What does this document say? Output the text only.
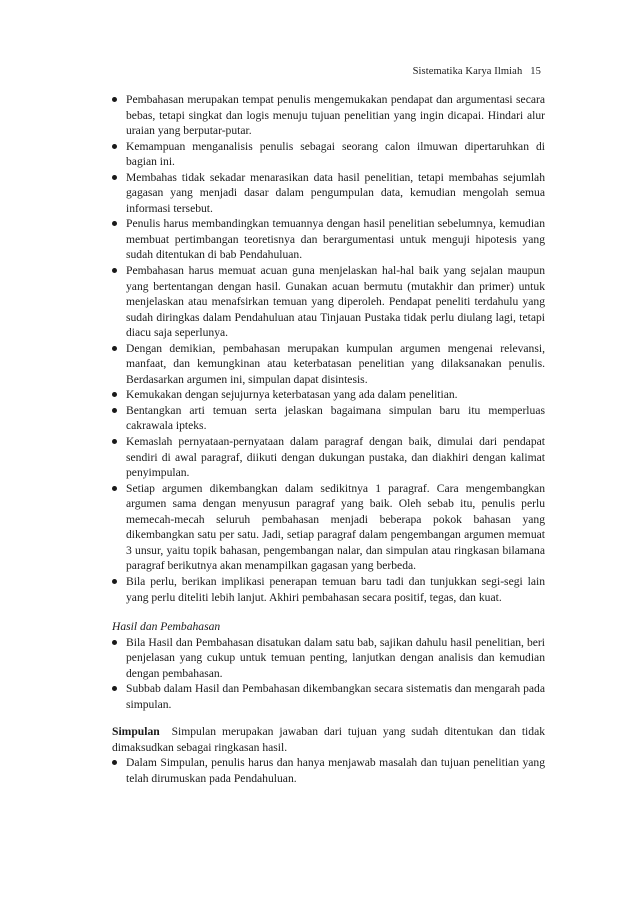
Sistematika Karya Ilmiah 15
Pembahasan merupakan tempat penulis mengemukakan pendapat dan argumentasi secara bebas, tetapi singkat dan logis menuju tujuan penelitian yang ingin dicapai. Hindari alur uraian yang berputar-putar.
Kemampuan menganalisis penulis sebagai seorang calon ilmuwan dipertaruhkan di bagian ini.
Membahas tidak sekadar menarasikan data hasil penelitian, tetapi membahas sejumlah gagasan yang menjadi dasar dalam pengumpulan data, kemudian mengolah semua informasi tersebut.
Penulis harus membandingkan temuannya dengan hasil penelitian sebelumnya, kemudian membuat pertimbangan teoretisnya dan berargumentasi untuk menguji hipotesis yang sudah ditentukan di bab Pendahuluan.
Pembahasan harus memuat acuan guna menjelaskan hal-hal baik yang sejalan maupun yang bertentangan dengan hasil. Gunakan acuan bermutu (mutakhir dan primer) untuk menjelaskan atau menafsirkan temuan yang diperoleh. Pendapat peneliti terdahulu yang sudah diringkas dalam Pendahuluan atau Tinjauan Pustaka tidak perlu diulang lagi, tetapi diacu saja seperlunya.
Dengan demikian, pembahasan merupakan kumpulan argumen mengenai relevansi, manfaat, dan kemungkinan atau keterbatasan penelitian yang dilaksanakan penulis. Berdasarkan argumen ini, simpulan dapat disintesis.
Kemukakan dengan sejujurnya keterbatasan yang ada dalam penelitian.
Bentangkan arti temuan serta jelaskan bagaimana simpulan baru itu memperluas cakrawala ipteks.
Kemaslah pernyataan-pernyataan dalam paragraf dengan baik, dimulai dari pendapat sendiri di awal paragraf, diikuti dengan dukungan pustaka, dan diakhiri dengan kalimat penyimpulan.
Setiap argumen dikembangkan dalam sedikitnya 1 paragraf. Cara mengembangkan argumen sama dengan menyusun paragraf yang baik. Oleh sebab itu, penulis perlu memecah-mecah seluruh pembahasan menjadi beberapa pokok bahasan yang dikembangkan satu per satu. Jadi, setiap paragraf dalam pengembangan argumen memuat 3 unsur, yaitu topik bahasan, pengembangan nalar, dan simpulan atau ringkasan bilamana paragraf berikutnya akan menampilkan gagasan yang berbeda.
Bila perlu, berikan implikasi penerapan temuan baru tadi dan tunjukkan segi-segi lain yang perlu diteliti lebih lanjut. Akhiri pembahasan secara positif, tegas, dan kuat.
Hasil dan Pembahasan
Bila Hasil dan Pembahasan disatukan dalam satu bab, sajikan dahulu hasil penelitian, beri penjelasan yang cukup untuk temuan penting, lanjutkan dengan analisis dan kemudian dengan pembahasan.
Subbab dalam Hasil dan Pembahasan dikembangkan secara sistematis dan mengarah pada simpulan.
Simpulan Simpulan merupakan jawaban dari tujuan yang sudah ditentukan dan tidak dimaksudkan sebagai ringkasan hasil.
Dalam Simpulan, penulis harus dan hanya menjawab masalah dan tujuan penelitian yang telah dirumuskan pada Pendahuluan.
